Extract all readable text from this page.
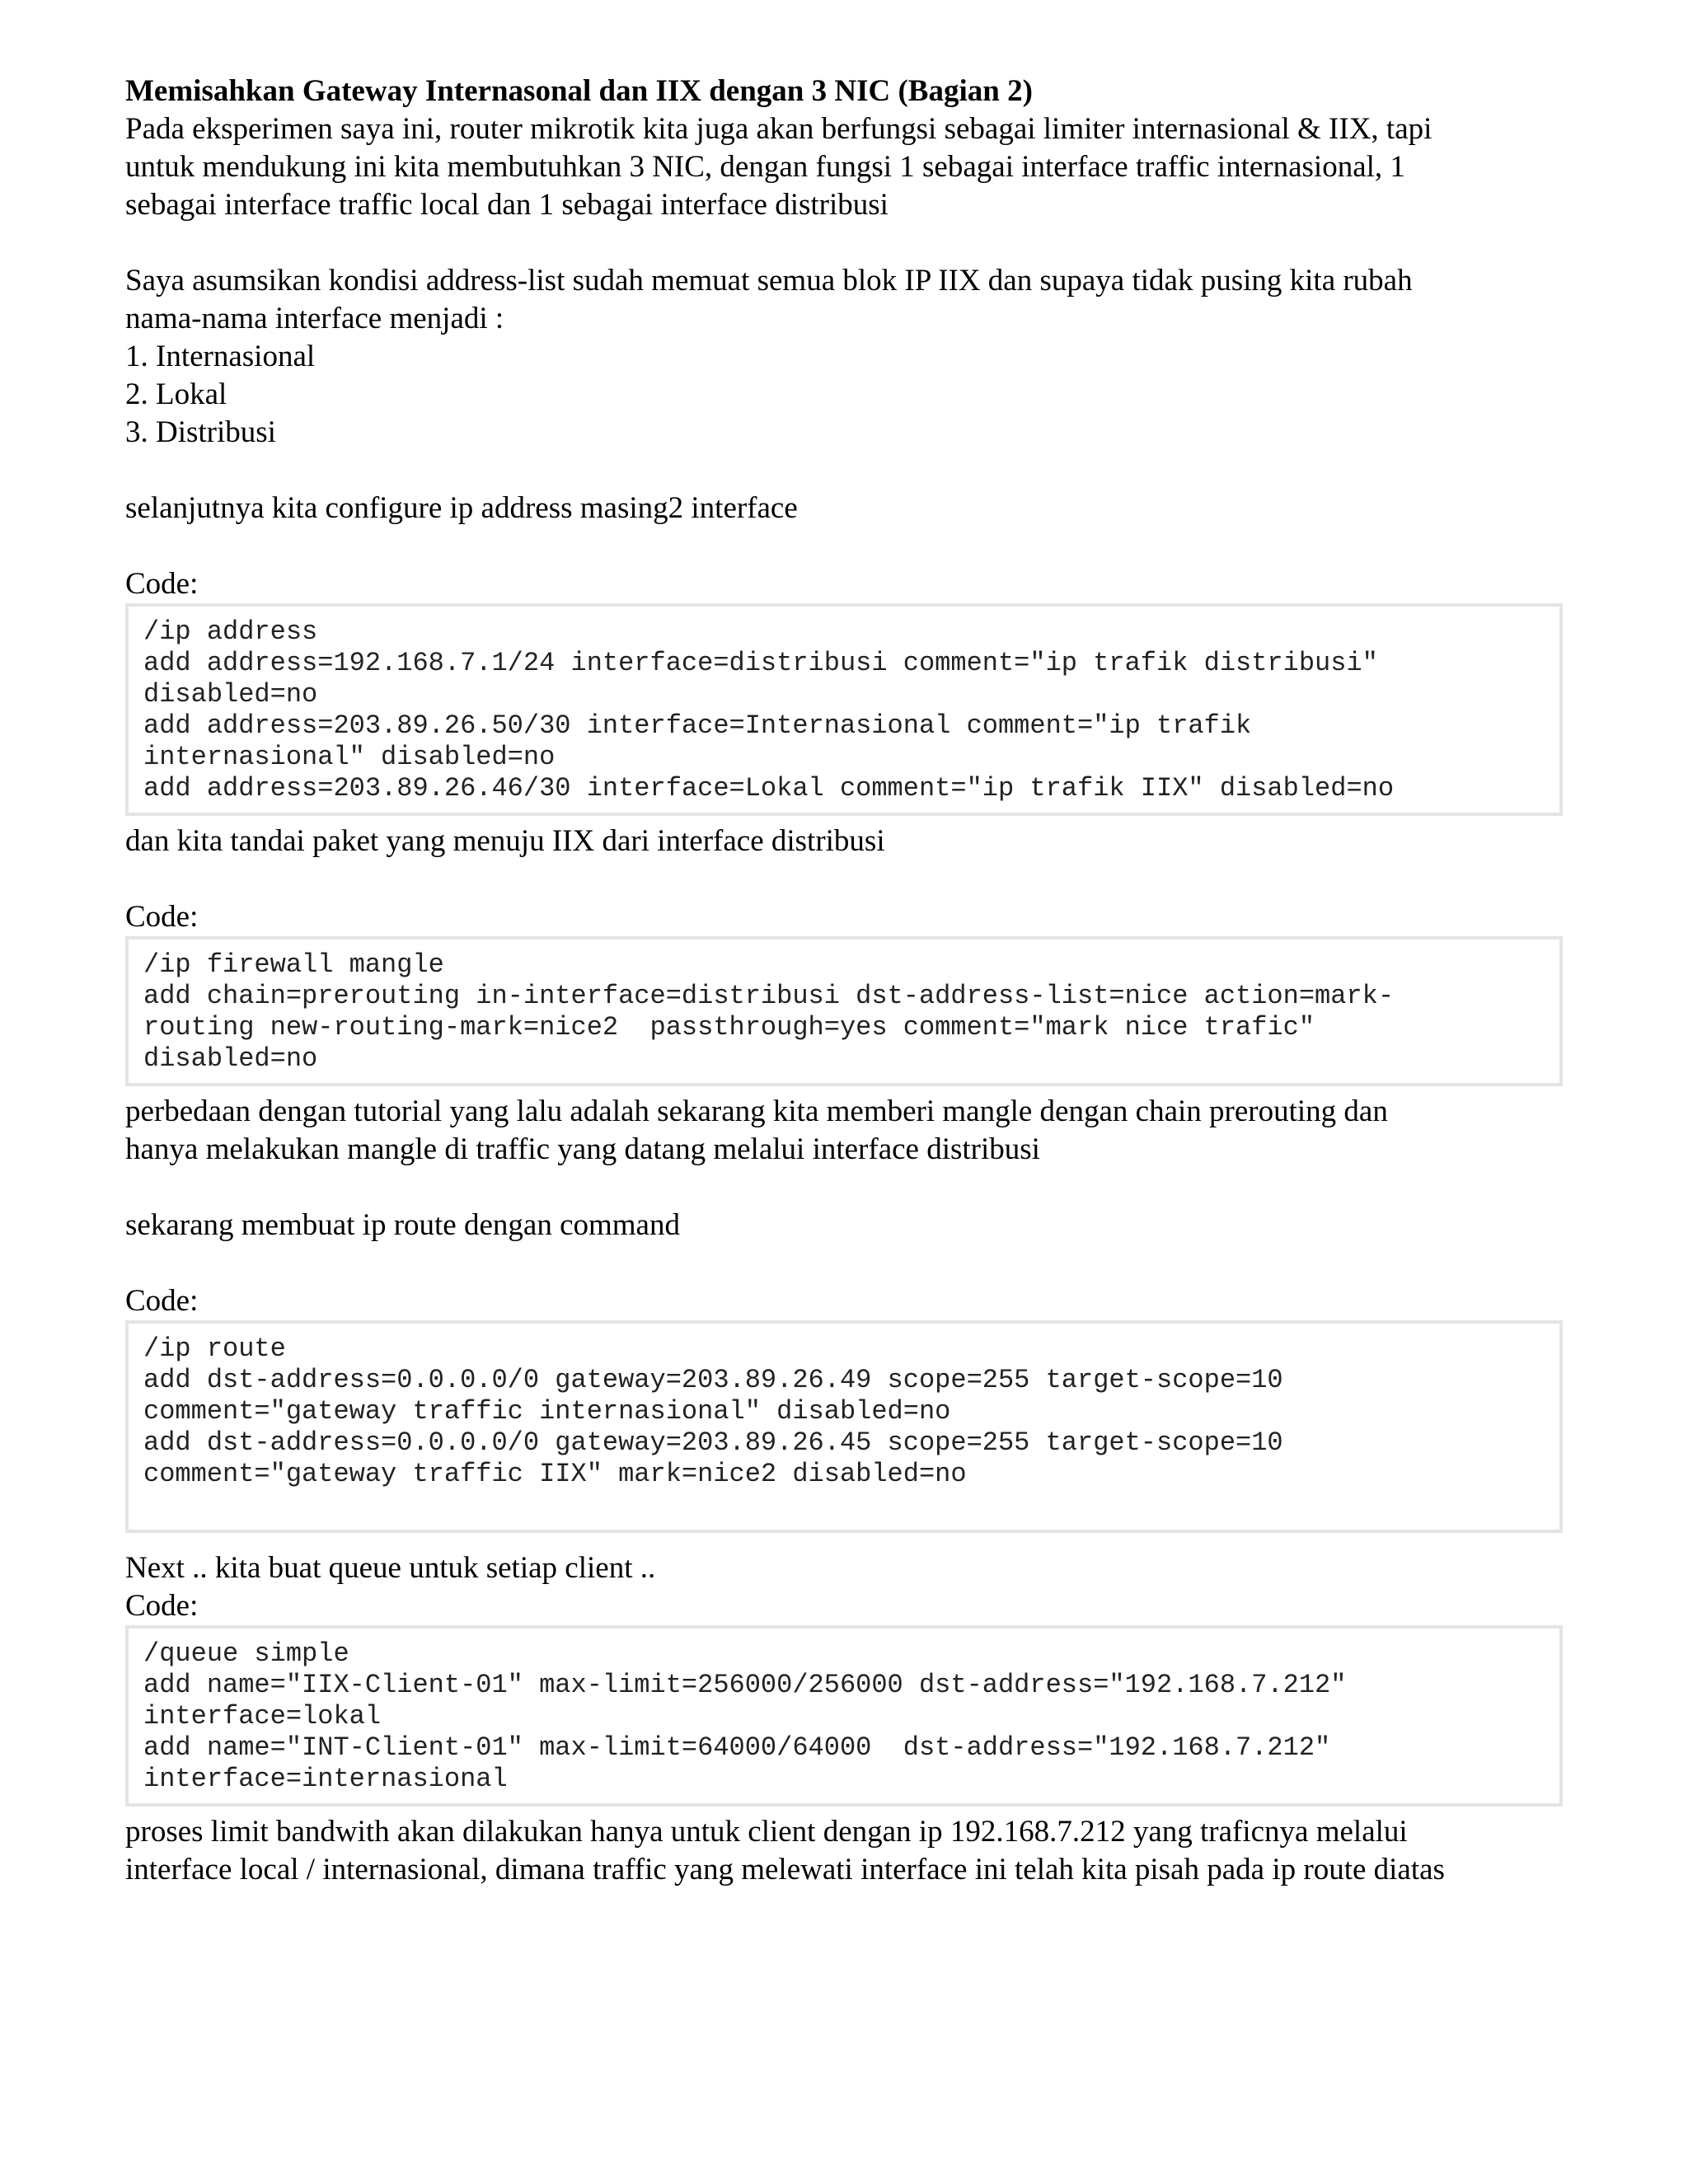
Memisahkan Gateway Internasonal dan IIX dengan 3 NIC (Bagian 2)

Pada eksperimen saya ini, router mikrotik kita juga akan berfungsi sebagai limiter internasional & IIX, tapi
untuk mendukung ini kita membutuhkan 3 NIC, dengan fungsi 1 sebagai interface traffic internasional, 1
sebagai interface traffic local dan 1 sebagai interface distribusi
Saya asumsikan kondisi address-list sudah memuat semua blok IP IIX dan supaya tidak pusing kita rubah
nama-nama interface menjadi :
1. Internasional
2. Lokal
3. Distribusi
selanjutnya kita configure ip address masing2 interface
Code:
/ip address
add address=192.168.7.1/24 interface=distribusi comment="ip trafik distribusi"
disabled=no
add address=203.89.26.50/30 interface=Internasional comment="ip trafik
internasional" disabled=no
add address=203.89.26.46/30 interface=Lokal comment="ip trafik IIX" disabled=no
dan kita tandai paket yang menuju IIX dari interface distribusi
Code:
/ip firewall mangle
add chain=prerouting in-interface=distribusi dst-address-list=nice action=mark-
routing new-routing-mark=nice2  passthrough=yes comment="mark nice trafic"
disabled=no
perbedaan dengan tutorial yang lalu adalah sekarang kita memberi mangle dengan chain prerouting dan
hanya melakukan mangle di traffic yang datang melalui interface distribusi
sekarang membuat ip route dengan command
Code:
/ip route
add dst-address=0.0.0.0/0 gateway=203.89.26.49 scope=255 target-scope=10
comment="gateway traffic internasional" disabled=no
add dst-address=0.0.0.0/0 gateway=203.89.26.45 scope=255 target-scope=10
comment="gateway traffic IIX" mark=nice2 disabled=no

Next .. kita buat queue untuk setiap client ..
Code:
/queue simple
add name="IIX-Client-01" max-limit=256000/256000 dst-address="192.168.7.212"
interface=lokal
add name="INT-Client-01" max-limit=64000/64000  dst-address="192.168.7.212"
interface=internasional
proses limit bandwith akan dilakukan hanya untuk client dengan ip 192.168.7.212 yang traficnya melalui
interface local / internasional, dimana traffic yang melewati interface ini telah kita pisah pada ip route diatas
